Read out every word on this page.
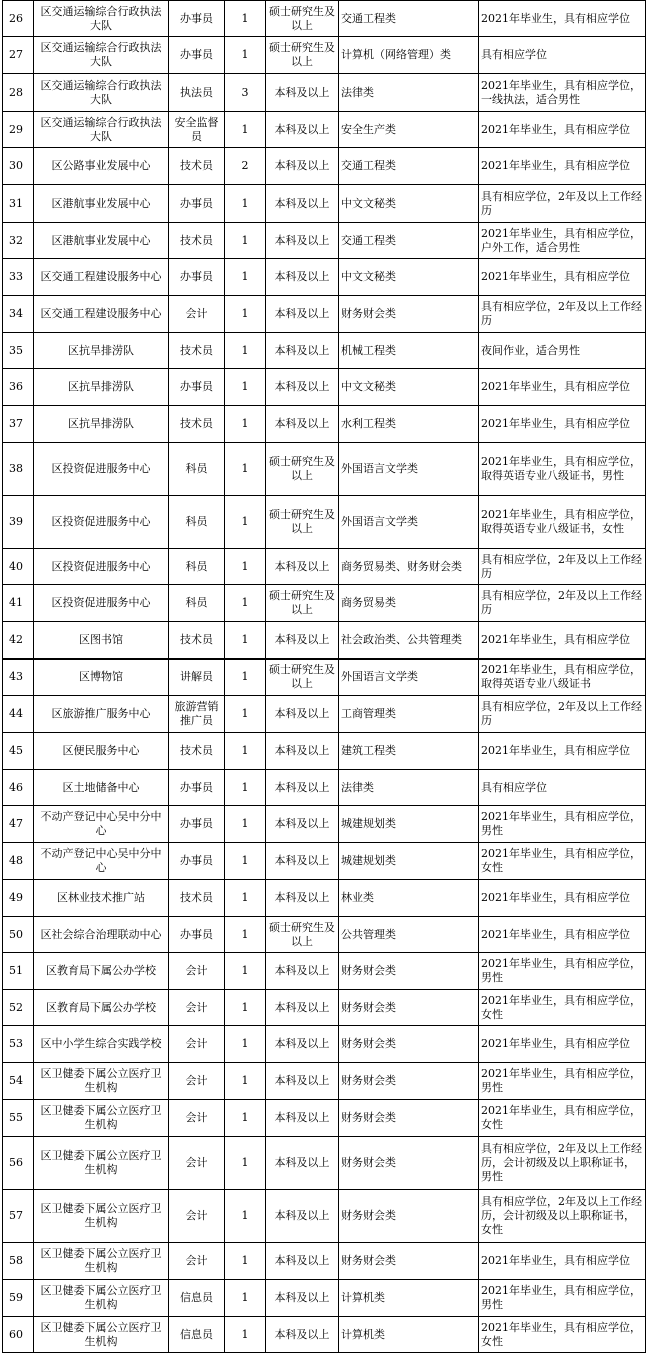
26	区交通运输综合行政执法大队	办事员	1	硕士研究生及以上	交通工程类	2021年毕业生，具有相应学位
27	区交通运输综合行政执法大队	办事员	1	硕士研究生及以上	计算机（网络管理）类	具有相应学位
28	区交通运输综合行政执法大队	执法员	3	本科及以上	法律类	2021年毕业生，具有相应学位，一线执法，适合男性
29	区交通运输综合行政执法大队	安全监督员	1	本科及以上	安全生产类	2021年毕业生，具有相应学位
30	区公路事业发展中心	技术员	2	本科及以上	交通工程类	2021年毕业生，具有相应学位
31	区港航事业发展中心	办事员	1	本科及以上	中文文秘类	具有相应学位，2年及以上工作经历
32	区港航事业发展中心	技术员	1	本科及以上	交通工程类	2021年毕业生，具有相应学位，户外工作，适合男性
33	区交通工程建设服务中心	办事员	1	本科及以上	中文文秘类	2021年毕业生，具有相应学位
34	区交通工程建设服务中心	会计	1	本科及以上	财务财会类	具有相应学位，2年及以上工作经历
35	区抗旱排涝队	技术员	1	本科及以上	机械工程类	夜间作业，适合男性
36	区抗旱排涝队	办事员	1	本科及以上	中文文秘类	2021年毕业生，具有相应学位
37	区抗旱排涝队	技术员	1	本科及以上	水利工程类	2021年毕业生，具有相应学位
38	区投资促进服务中心	科员	1	硕士研究生及以上	外国语言文学类	2021年毕业生，具有相应学位，取得英语专业八级证书，男性
39	区投资促进服务中心	科员	1	硕士研究生及以上	外国语言文学类	2021年毕业生，具有相应学位，取得英语专业八级证书，女性
40	区投资促进服务中心	科员	1	本科及以上	商务贸易类、财务财会类	具有相应学位，2年及以上工作经历
41	区投资促进服务中心	科员	1	硕士研究生及以上	商务贸易类	具有相应学位，2年及以上工作经历
42	区图书馆	技术员	1	本科及以上	社会政治类、公共管理类	2021年毕业生，具有相应学位
43	区博物馆	讲解员	1	硕士研究生及以上	外国语言文学类	2021年毕业生，具有相应学位，取得英语专业八级证书
44	区旅游推广服务中心	旅游营销推广员	1	本科及以上	工商管理类	具有相应学位，2年及以上工作经历
45	区便民服务中心	技术员	1	本科及以上	建筑工程类	2021年毕业生，具有相应学位
46	区土地储备中心	办事员	1	本科及以上	法律类	具有相应学位
47	不动产登记中心吴中分中心	办事员	1	本科及以上	城建规划类	2021年毕业生，具有相应学位，男性
48	不动产登记中心吴中分中心	办事员	1	本科及以上	城建规划类	2021年毕业生，具有相应学位，女性
49	区林业技术推广站	技术员	1	本科及以上	林业类	2021年毕业生，具有相应学位
50	区社会综合治理联动中心	办事员	1	硕士研究生及以上	公共管理类	2021年毕业生，具有相应学位
51	区教育局下属公办学校	会计	1	本科及以上	财务财会类	2021年毕业生，具有相应学位，男性
52	区教育局下属公办学校	会计	1	本科及以上	财务财会类	2021年毕业生，具有相应学位，女性
53	区中小学生综合实践学校	会计	1	本科及以上	财务财会类	2021年毕业生，具有相应学位
54	区卫健委下属公立医疗卫生机构	会计	1	本科及以上	财务财会类	2021年毕业生，具有相应学位，男性
55	区卫健委下属公立医疗卫生机构	会计	1	本科及以上	财务财会类	2021年毕业生，具有相应学位，女性
56	区卫健委下属公立医疗卫生机构	会计	1	本科及以上	财务财会类	具有相应学位，2年及以上工作经历，会计初级及以上职称证书，男性
57	区卫健委下属公立医疗卫生机构	会计	1	本科及以上	财务财会类	具有相应学位，2年及以上工作经历，会计初级及以上职称证书，女性
58	区卫健委下属公立医疗卫生机构	会计	1	本科及以上	财务财会类	2021年毕业生，具有相应学位
59	区卫健委下属公立医疗卫生机构	信息员	1	本科及以上	计算机类	2021年毕业生，具有相应学位，男性
60	区卫健委下属公立医疗卫生机构	信息员	1	本科及以上	计算机类	2021年毕业生，具有相应学位，女性
